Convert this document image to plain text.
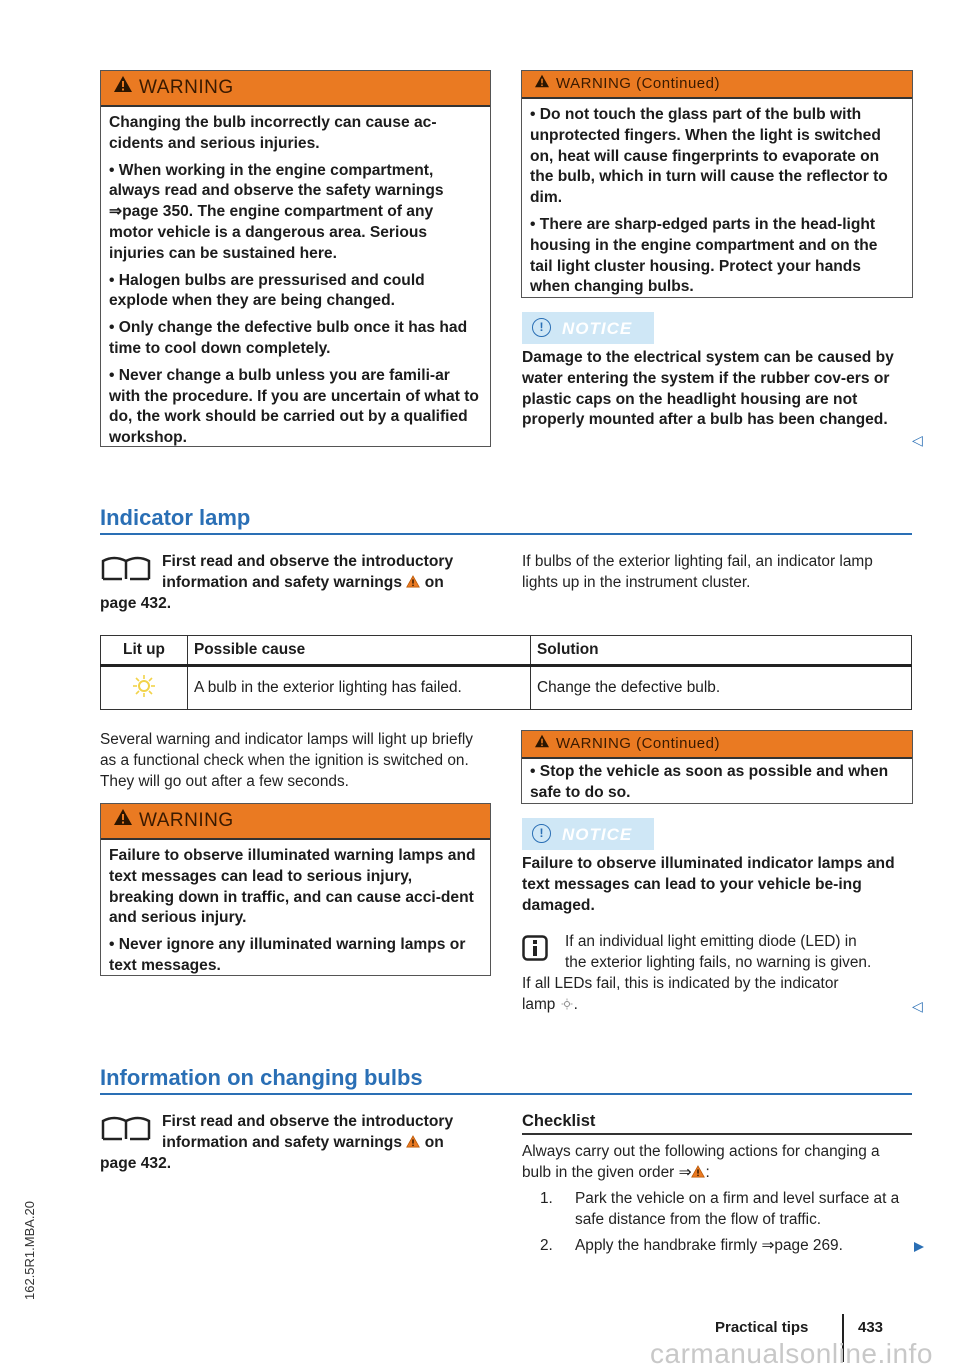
162.5R1.MBA.20
WARNING

Changing the bulb incorrectly can cause ac-cidents and serious injuries.

• When working in the engine compartment, always read and observe the safety warnings ⇒page 350. The engine compartment of any motor vehicle is a dangerous area. Serious injuries can be sustained here.

• Halogen bulbs are pressurised and could explode when they are being changed.

• Only change the defective bulb once it has had time to cool down completely.

• Never change a bulb unless you are famili-ar with the procedure. If you are uncertain of what to do, the work should be carried out by a qualified workshop.

WARNING (Continued)

• Do not touch the glass part of the bulb with unprotected fingers. When the light is switched on, heat will cause fingerprints to evaporate on the bulb, which in turn will cause the reflector to dim.

• There are sharp-edged parts in the head-light housing in the engine compartment and on the tail light cluster housing. Protect your hands when changing bulbs.

!	NOTICE
Damage to the electrical system can be caused by water entering the system if the rubber cov-ers or plastic caps on the headlight housing are not properly mounted after a bulb has been changed.
◁
Indicator lamp
First read and observe the introductory
information and safety warnings on
page 432.
If bulbs of the exterior lighting fail, an indicator lamp lights up in the instrument cluster.
Lit up	Possible cause	Solution
	A bulb in the exterior lighting has failed.	Change the defective bulb.
Several warning and indicator lamps will light up briefly as a functional check when the ignition is switched on. They will go out after a few seconds.
WARNING

Failure to observe illuminated warning lamps and text messages can lead to serious injury, breaking down in traffic, and can cause acci-dent and serious injury.

• Never ignore any illuminated warning lamps or text messages.

WARNING (Continued)

• Stop the vehicle as soon as possible and when safe to do so.

!	NOTICE
Failure to observe illuminated indicator lamps and text messages can lead to your vehicle be-ing damaged.
If an individual light emitting diode (LED) in
the exterior lighting fails, no warning is given.
If all LEDs fail, this is indicated by the indicator
lamp .	◁
Information on changing bulbs
First read and observe the introductory
information and safety warnings on
page 432.
Checklist
Always carry out the following actions for changing a bulb in the given order ⇒ :
1. Park the vehicle on a firm and level surface at a safe distance from the flow of traffic.
2. Apply the handbrake firmly ⇒page 269.
Practical tips	433
carmanualsonline.info
